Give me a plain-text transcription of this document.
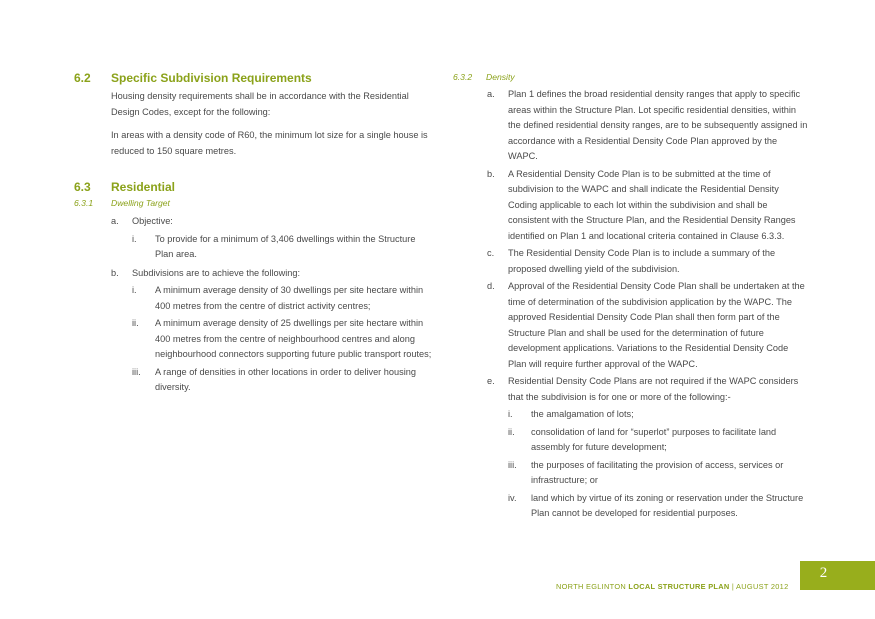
6.2 Specific Subdivision Requirements
Housing density requirements shall be in accordance with the Residential Design Codes, except for the following:
In areas with a density code of R60, the minimum lot size for a single house is reduced to 150 square metres.
6.3 Residential
6.3.1 Dwelling Target
a. Objective:
i. To provide for a minimum of 3,406 dwellings within the Structure Plan area.
b. Subdivisions are to achieve the following:
i. A minimum average density of 30 dwellings per site hectare within 400 metres from the centre of district activity centres;
ii. A minimum average density of 25 dwellings per site hectare within 400 metres from the centre of neighbourhood centres and along neighbourhood connectors supporting future public transport routes;
iii. A range of densities in other locations in order to deliver housing diversity.
6.3.2 Density
a. Plan 1 defines the broad residential density ranges that apply to specific areas within the Structure Plan. Lot specific residential densities, within the defined residential density ranges, are to be subsequently assigned in accordance with a Residential Density Code Plan approved by the WAPC.
b. A Residential Density Code Plan is to be submitted at the time of subdivision to the WAPC and shall indicate the Residential Density Coding applicable to each lot within the subdivision and shall be consistent with the Structure Plan, and the Residential Density Ranges identified on Plan 1 and locational criteria contained in Clause 6.3.3.
c. The Residential Density Code Plan is to include a summary of the proposed dwelling yield of the subdivision.
d. Approval of the Residential Density Code Plan shall be undertaken at the time of determination of the subdivision application by the WAPC. The approved Residential Density Code Plan shall then form part of the Structure Plan and shall be used for the determination of future development applications. Variations to the Residential Density Code Plan will require further approval of the WAPC.
e. Residential Density Code Plans are not required if the WAPC considers that the subdivision is for one or more of the following:-
i. the amalgamation of lots;
ii. consolidation of land for “superlot” purposes to facilitate land assembly for future development;
iii. the purposes of facilitating the provision of access, services or infrastructure; or
iv. land which by virtue of its zoning or reservation under the Structure Plan cannot be developed for residential purposes.
NORTH EGLINTON LOCAL STRUCTURE PLAN | AUGUST 2012
2
